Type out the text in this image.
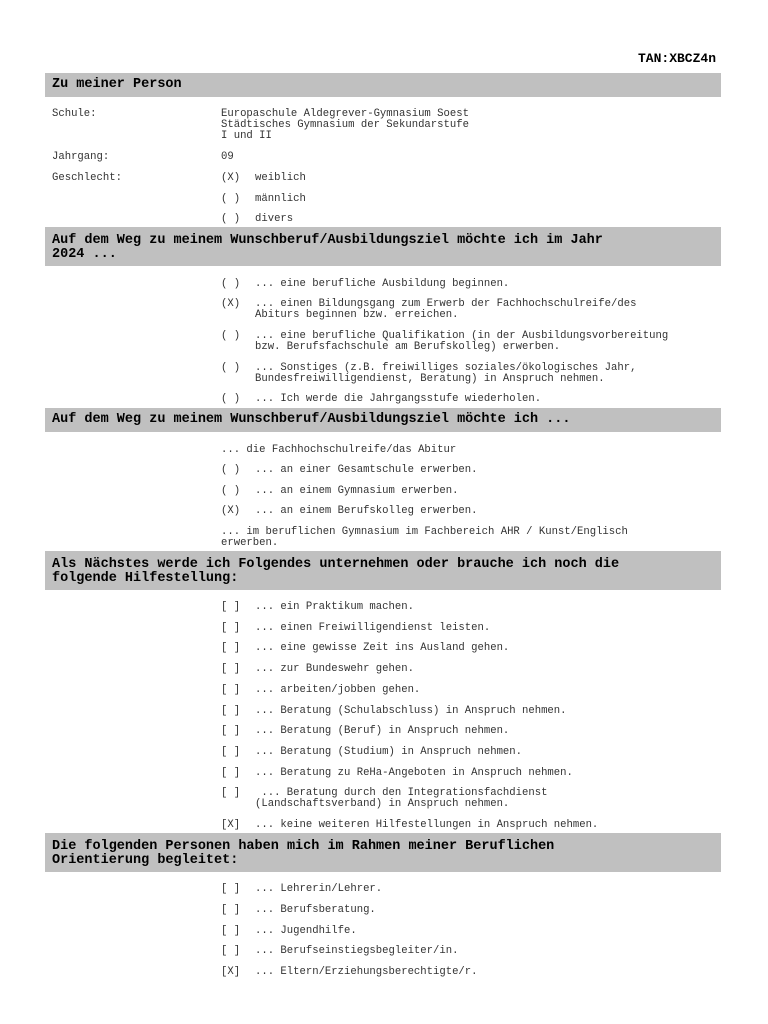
TAN:XBCZ4n
Zu meiner Person
Schule:	Europaschule Aldegrever-Gymnasium Soest
Städtisches Gymnasium der Sekundarstufe
I und II
Jahrgang:	09
Geschlecht:	(X) weiblich
( ) männlich
( ) divers
Auf dem Weg zu meinem Wunschberuf/Ausbildungsziel möchte ich im Jahr
2024 ...
( ) ... eine berufliche Ausbildung beginnen.
(X) ... einen Bildungsgang zum Erwerb der Fachhochschulreife/des
Abiturs beginnen bzw. erreichen.
( ) ... eine berufliche Qualifikation (in der Ausbildungsvorbereitung
bzw. Berufsfachschule am Berufskolleg) erwerben.
( ) ... Sonstiges (z.B. freiwilliges soziales/ökologisches Jahr,
Bundesfreiwilligendienst, Beratung) in Anspruch nehmen.
( ) ... Ich werde die Jahrgangsstufe wiederholen.
Auf dem Weg zu meinem Wunschberuf/Ausbildungsziel möchte ich ...
... die Fachhochschulreife/das Abitur
( ) ... an einer Gesamtschule erwerben.
( ) ... an einem Gymnasium erwerben.
(X) ... an einem Berufskolleg erwerben.
... im beruflichen Gymnasium im Fachbereich AHR / Kunst/Englisch
erwerben.
Als Nächstes werde ich Folgendes unternehmen oder brauche ich noch die
folgende Hilfestellung:
[ ] ... ein Praktikum machen.
[ ] ... einen Freiwilligendienst leisten.
[ ] ... eine gewisse Zeit ins Ausland gehen.
[ ] ... zur Bundeswehr gehen.
[ ] ... arbeiten/jobben gehen.
[ ] ... Beratung (Schulabschluss) in Anspruch nehmen.
[ ] ... Beratung (Beruf) in Anspruch nehmen.
[ ] ... Beratung (Studium) in Anspruch nehmen.
[ ] ... Beratung zu ReHa-Angeboten in Anspruch nehmen.
[ ] ... Beratung durch den Integrationsfachdienst
(Landschaftsverband) in Anspruch nehmen.
[X] ... keine weiteren Hilfestellungen in Anspruch nehmen.
Die folgenden Personen haben mich im Rahmen meiner Beruflichen
Orientierung begleitet:
[ ] ... Lehrerin/Lehrer.
[ ] ... Berufsberatung.
[ ] ... Jugendhilfe.
[ ] ... Berufseinstiegsbegleiter/in.
[X] ... Eltern/Erziehungsberechtigte/r.
